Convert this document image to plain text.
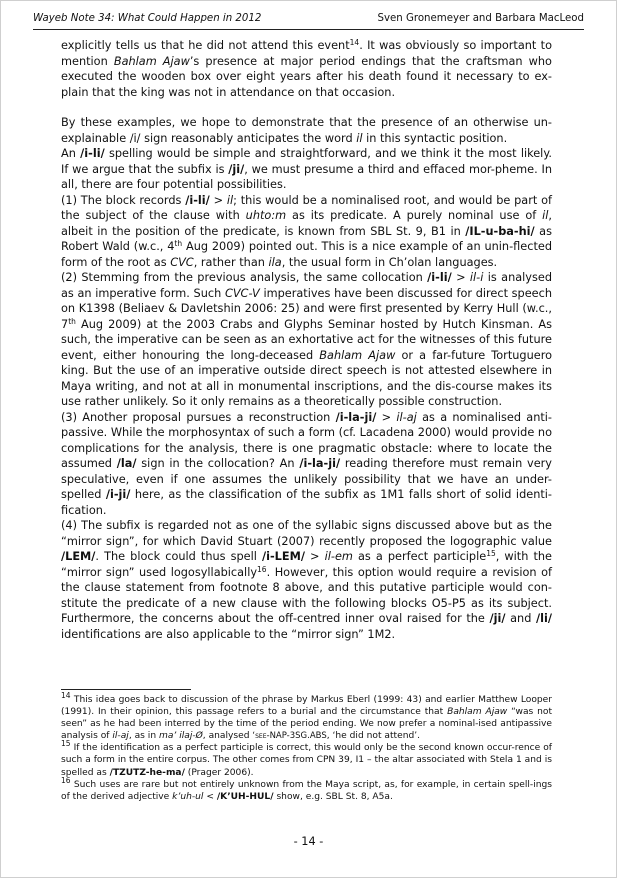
Wayeb Note 34: What Could Happen in 2012	Sven Gronemeyer and Barbara MacLeod

explicitly tells us that he did not attend this event$^{14}$. It was obviously so important to mention Bahlam Ajaw’s presence at major period endings that the craftsman who executed the wooden box over eight years after his death found it necessary to ex-plain that the king was not in attendance on that occasion.

By these examples, we hope to demonstrate that the presence of an otherwise un-explainable /i/ sign reasonably anticipates the word il in this syntactic position.

An /i-li/ spelling would be simple and straightforward, and we think it the most likely. If we argue that the subfix is /ji/, we must presume a third and effaced mor-pheme. In all, there are four potential possibilities.

(1) The block records /i-li/ > il; this would be a nominalised root, and would be part of the subject of the clause with uhto:m as its predicate. A purely nominal use of il, albeit in the position of the predicate, is known from SBL St. 9, B1 in /IL-u-ba-hi/ as Robert Wald (w.c., 4th Aug 2009) pointed out. This is a nice example of an unin-flected form of the root as CVC, rather than ila, the usual form in Ch’olan languages.

(2) Stemming from the previous analysis, the same collocation /i-li/ > il-i is analysed as an imperative form. Such CVC-V imperatives have been discussed for direct speech on K1398 (Beliaev & Davletshin 2006: 25) and were first presented by Kerry Hull (w.c., 7th Aug 2009) at the 2003 Crabs and Glyphs Seminar hosted by Hutch Kinsman. As such, the imperative can be seen as an exhortative act for the witnesses of this future event, either honouring the long-deceased Bahlam Ajaw or a far-future Tortuguero king. But the use of an imperative outside direct speech is not attested elsewhere in Maya writing, and not at all in monumental inscriptions, and the dis-course makes its use rather unlikely. So it only remains as a theoretically possible construction.

(3) Another proposal pursues a reconstruction /i-la-ji/ > il-aj as a nominalised anti-passive. While the morphosyntax of such a form (cf. Lacadena 2000) would provide no complications for the analysis, there is one pragmatic obstacle: where to locate the assumed /la/ sign in the collocation? An /i-la-ji/ reading therefore must remain very speculative, even if one assumes the unlikely possibility that we have an under-spelled /i-ji/ here, as the classification of the subfix as 1M1 falls short of solid identi-fication.

(4) The subfix is regarded not as one of the syllabic signs discussed above but as the “mirror sign”, for which David Stuart (2007) recently proposed the logographic value /LEM/. The block could thus spell /i-LEM/ > il-em as a perfect participle$^{15}$, with the “mirror sign” used logosyllabically$^{16}$. However, this option would require a revision of the clause statement from footnote 8 above, and this putative participle would con-stitute the predicate of a new clause with the following blocks O5-P5 as its subject. Furthermore, the concerns about the off-centred inner oval raised for the /ji/ and /li/ identifications are also applicable to the “mirror sign” 1M2.

$^{14}$ This idea goes back to discussion of the phrase by Markus Eberl (1999: 43) and earlier Matthew Looper (1991). In their opinion, this passage refers to a burial and the circumstance that Bahlam Ajaw “was not seen” as he had been interred by the time of the period ending. We now prefer a nominal-ised antipassive analysis of il-aj, as in ma’ ilaj-Ø, analysed ‘see-NAP-3SG.ABS, ‘he did not attend’.

$^{15}$ If the identification as a perfect participle is correct, this would only be the second known occur-rence of such a form in the entire corpus. The other comes from CPN 39, I1 – the altar associated with Stela 1 and is spelled as /TZUTZ-he-ma/ (Prager 2006).

$^{16}$ Such uses are rare but not entirely unknown from the Maya script, as, for example, in certain spell-ings of the derived adjective k’uh-ul < /K’UH-HUL/ show, e.g. SBL St. 8, A5a.

- 14 -
